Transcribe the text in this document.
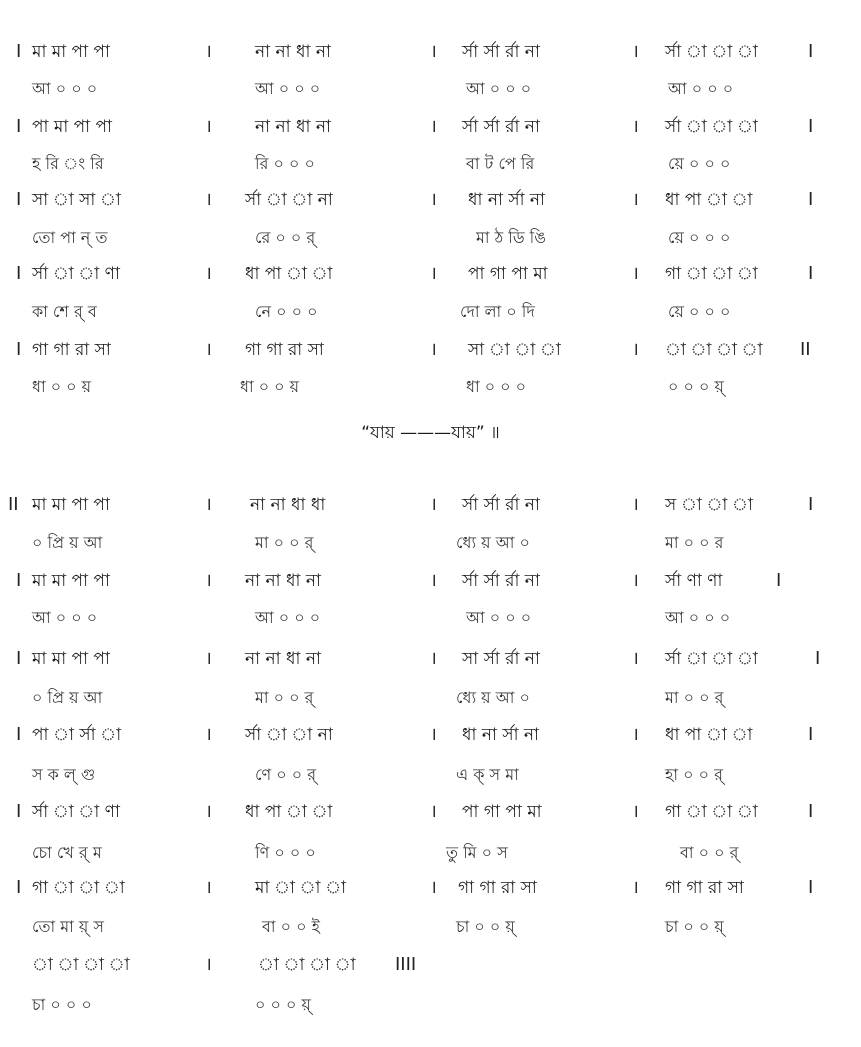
I মা মা পা পা	।	না না ধা না	। র্সা র্সা র্রা না	। র্সা া া া	I
আ ০ ০ ০	আ ০ ০ ০	আ ০ ০ ০	আ ০ ০ ০
I পা মা পা পা	।	না না ধা না	। র্সা র্সা র্রা না	। র্সা া া া	I
হ রি ং রি	রি ০ ০ ০	বা ট পে রি	য়ে ০ ০ ০
I সা া সা া	। র্সা া া না	। ধা না র্সা না	। ধা পা া া	I
তো পা ন্ ত	রে ০ ০ র্	মা ঠ ডি ঙি	য়ে ০ ০ ০
I র্সা া া ণা	। ধা পা া া	। পা গা পা মা	। গা া া া	I
কা শে র্ ব	নে ০ ০ ০	দো লা ০ দি	য়ে ০ ০ ০
I গা গা রা সা	। গা গা রা সা	। সা া া া	। া া া া II
ধা ০ ০ য়	ধা ০ ০ য়	ধা ০ ০ ০	০ ০ ০ য়্
“যায় ———যায়” ॥
II মা মা পা পা	। না না ধা ধা	। র্সা র্সা র্রা না	। স া া া	I
০ প্রি য় আ	মা ০ ০ র্	ধ্যে য় আ ০	মা ০ ০ র
I মা মা পা পা	। না না ধা না	। র্সা র্সা র্রা না	। র্সা ণা ণা	I
আ ০ ০ ০	আ ০ ০ ০	আ ০ ০ ০	আ ০ ০ ০
I মা মা পা পা	। না না ধা না	। সা র্সা র্রা না	। র্সা া া া	I
০ প্রি য় আ	মা ০ ০ র্	ধ্যে য় আ ০	মা ০ ০ র্
I পা া র্সা া	। র্সা া া না	। ধা না র্সা না	। ধা পা া া	I
স ক ল্ গু	ণে ০ ০ র্	এ ক্ স মা	হা ০ ০ র্
I র্সা া া ণা	। ধা পা া া	। পা গা পা মা	। গা া া া	I
চো খে র্ ম	ণি ০ ০ ০	তু মি ০ স	বা ০ ০ র্
I গা া া া	।	মা া া া	। গা গা রা সা	। গা গা রা সা	I
তো মা য়্ স	বা ০ ০ ই	চা ০ ০ য়্	চা ০ ০ য়্
া া া া	।	া া া া IIII
চা ০ ০ ০	০ ০ ০ য়্
